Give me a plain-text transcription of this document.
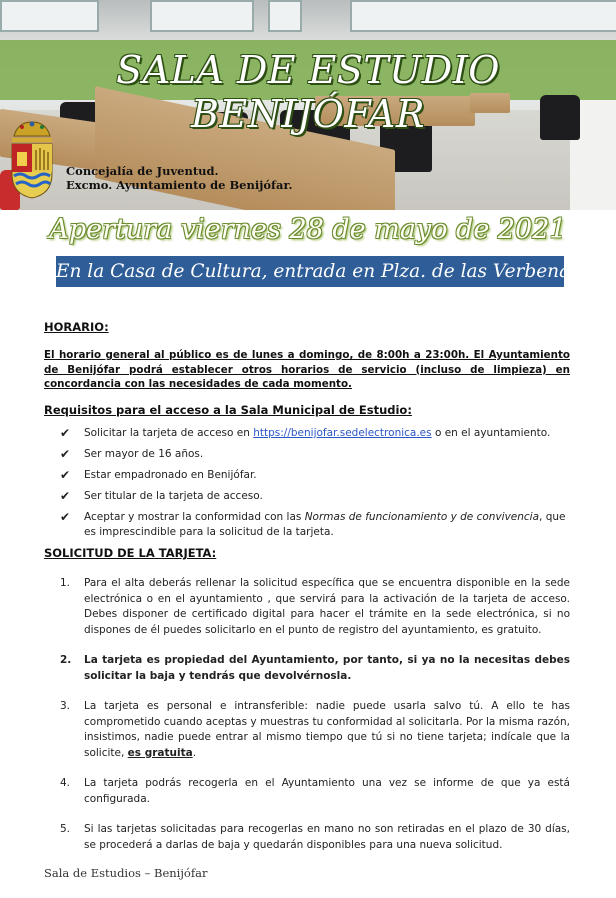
SALA DE ESTUDIO BENIJÓFAR
Concejalía de Juventud.
Excmo. Ayuntamiento de Benijófar.
Apertura viernes 28 de mayo de 2021
En la Casa de Cultura, entrada en Plza. de las Verbenas
HORARIO:
El horario general al público es de lunes a domingo, de 8:00h a 23:00h. El Ayuntamiento de Benijófar podrá establecer otros horarios de servicio (incluso de limpieza) en concordancia con las necesidades de cada momento.
Requisitos para el acceso a la Sala Municipal de Estudio:
✔ Solicitar la tarjeta de acceso en https://benijofar.sedelectronica.es o en el ayuntamiento.
✔ Ser mayor de 16 años.
✔ Estar empadronado en Benijófar.
✔ Ser titular de la tarjeta de acceso.
✔ Aceptar y mostrar la conformidad con las Normas de funcionamiento y de convivencia, que es imprescindible para la solicitud de la tarjeta.
SOLICITUD DE LA TARJETA:
1. Para el alta deberás rellenar la solicitud específica que se encuentra disponible en la sede electrónica o en el ayuntamiento , que servirá para la activación de la tarjeta de acceso. Debes disponer de certificado digital para hacer el trámite en la sede electrónica, si no dispones de él puedes solicitarlo en el punto de registro del ayuntamiento, es gratuito.
2. La tarjeta es propiedad del Ayuntamiento, por tanto, si ya no la necesitas debes solicitar la baja y tendrás que devolvérnosla.
3. La tarjeta es personal e intransferible: nadie puede usarla salvo tú. A ello te has comprometido cuando aceptas y muestras tu conformidad al solicitarla. Por la misma razón, insistimos, nadie puede entrar al mismo tiempo que tú si no tiene tarjeta; indícale que la solicite, es gratuita.
4. La tarjeta podrás recogerla en el Ayuntamiento una vez se informe de que ya está configurada.
5. Si las tarjetas solicitadas para recogerlas en mano no son retiradas en el plazo de 30 días, se procederá a darlas de baja y quedarán disponibles para una nueva solicitud.
Sala de Estudios – Benijófar
